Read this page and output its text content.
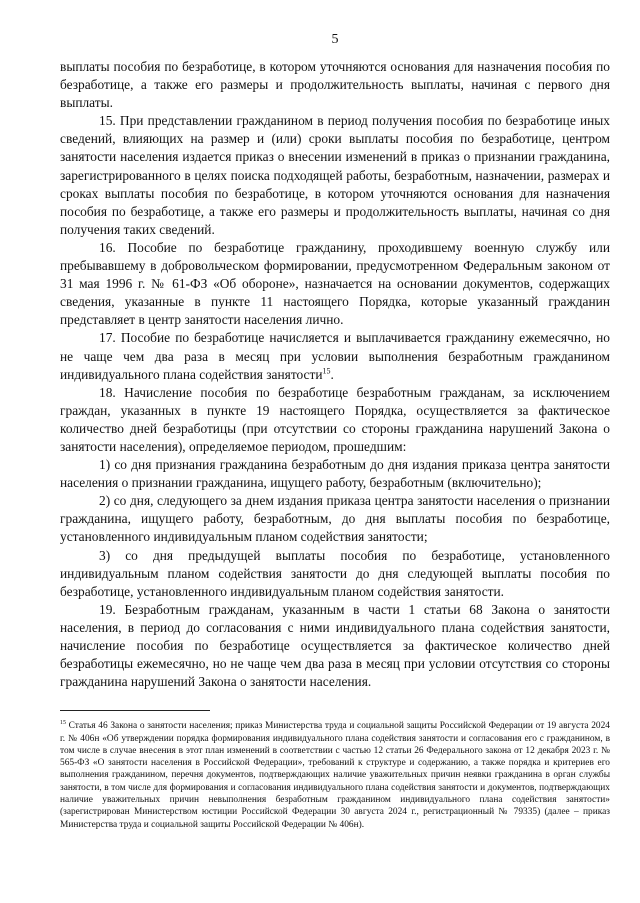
5

выплаты пособия по безработице, в котором уточняются основания для назначения пособия по безработице, а также его размеры и продолжительность выплаты, начиная с первого дня выплаты.

15. При представлении гражданином в период получения пособия по безработице иных сведений, влияющих на размер и (или) сроки выплаты пособия по безработице, центром занятости населения издается приказ о внесении изменений в приказ о признании гражданина, зарегистрированного в целях поиска подходящей работы, безработным, назначении, размерах и сроках выплаты пособия по безработице, в котором уточняются основания для назначения пособия по безработице, а также его размеры и продолжительность выплаты, начиная со дня получения таких сведений.

16. Пособие по безработице гражданину, проходившему военную службу или пребывавшему в добровольческом формировании, предусмотренном Федеральным законом от 31 мая 1996 г. № 61-ФЗ «Об обороне», назначается на основании документов, содержащих сведения, указанные в пункте 11 настоящего Порядка, которые указанный гражданин представляет в центр занятости населения лично.

17. Пособие по безработице начисляется и выплачивается гражданину ежемесячно, но не чаще чем два раза в месяц при условии выполнения безработным гражданином индивидуального плана содействия занятости$^{15}$.

18. Начисление пособия по безработице безработным гражданам, за исключением граждан, указанных в пункте 19 настоящего Порядка, осуществляется за фактическое количество дней безработицы (при отсутствии со стороны гражданина нарушений Закона о занятости населения), определяемое периодом, прошедшим:

1) со дня признания гражданина безработным до дня издания приказа центра занятости населения о признании гражданина, ищущего работу, безработным (включительно);

2) со дня, следующего за днем издания приказа центра занятости населения о признании гражданина, ищущего работу, безработным, до дня выплаты пособия по безработице, установленного индивидуальным планом содействия занятости;

3) со дня предыдущей выплаты пособия по безработице, установленного индивидуальным планом содействия занятости до дня следующей выплаты пособия по безработице, установленного индивидуальным планом содействия занятости.

19. Безработным гражданам, указанным в части 1 статьи 68 Закона о занятости населения, в период до согласования с ними индивидуального плана содействия занятости, начисление пособия по безработице осуществляется за фактическое количество дней безработицы ежемесячно, но не чаще чем два раза в месяц при условии отсутствия со стороны гражданина нарушений Закона о занятости населения.

$^{15}$ Статья 46 Закона о занятости населения; приказ Министерства труда и социальной защиты Российской Федерации от 19 августа 2024 г. № 406н «Об утверждении порядка формирования индивидуального плана содействия занятости и согласования его с гражданином, в том числе в случае внесения в этот план изменений в соответствии с частью 12 статьи 26 Федерального закона от 12 декабря 2023 г. № 565-ФЗ «О занятости населения в Российской Федерации», требований к структуре и содержанию, а также порядка и критериев его выполнения гражданином, перечня документов, подтверждающих наличие уважительных причин неявки гражданина в орган службы занятости, в том числе для формирования и согласования индивидуального плана содействия занятости и документов, подтверждающих наличие уважительных причин невыполнения безработным гражданином индивидуального плана содействия занятости» (зарегистрирован Министерством юстиции Российской Федерации 30 августа 2024 г., регистрационный № 79335) (далее – приказ Министерства труда и социальной защиты Российской Федерации № 406н).
